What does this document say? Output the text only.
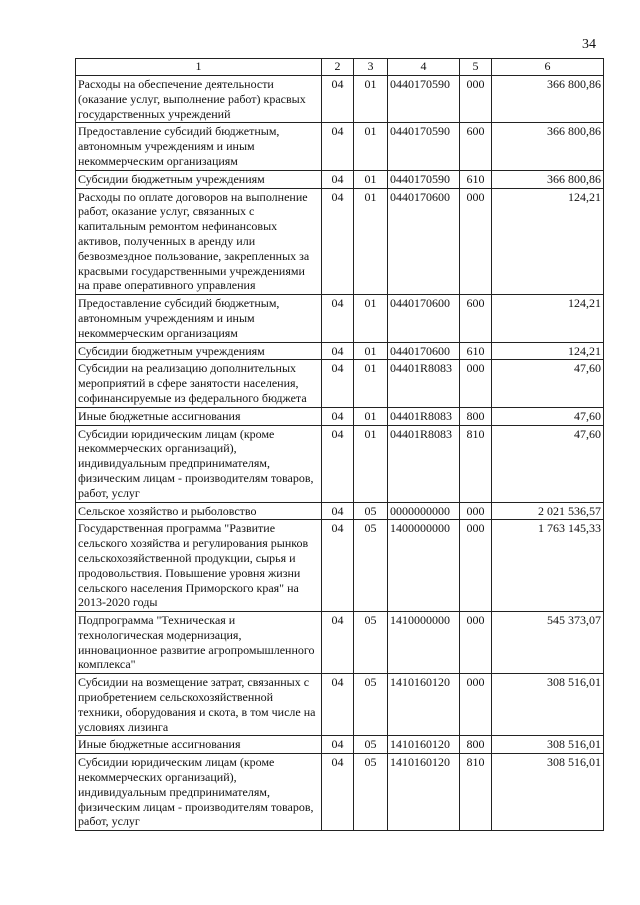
34
1	2	3	4	5	6
Расходы на обеспечение деятельности (оказание услуг, выполнение работ) красвых государственных учреждений	04	01	0440170590	000	366 800,86
Предоставление субсидий бюджетным, автономным учреждениям и иным некоммерческим организациям	04	01	0440170590	600	366 800,86
Субсидии бюджетным учреждениям	04	01	0440170590	610	366 800,86
Расходы по оплате договоров на выполнение работ, оказание услуг, связанных с капитальным ремонтом нефинансовых активов, полученных в аренду или безвозмездное пользование, закрепленных за красвыми государственными учреждениями на праве оперативного управления	04	01	0440170600	000	124,21
Предоставление субсидий бюджетным, автономным учреждениям и иным некоммерческим организациям	04	01	0440170600	600	124,21
Субсидии бюджетным учреждениям	04	01	0440170600	610	124,21
Субсидии на реализацию дополнительных мероприятий в сфере занятости населения, софинансируемые из федерального бюджета	04	01	04401R8083	000	47,60
Иные бюджетные ассигнования	04	01	04401R8083	800	47,60
Субсидии юридическим лицам (кроме некоммерческих организаций), индивидуальным предпринимателям, физическим лицам - производителям товаров, работ, услуг	04	01	04401R8083	810	47,60
Сельское хозяйство и рыболовство	04	05	0000000000	000	2 021 536,57
Государственная программа "Развитие сельского хозяйства и регулирования рынков сельскохозяйственной продукции, сырья и продовольствия. Повышение уровня жизни сельского населения Приморского края" на 2013-2020 годы	04	05	1400000000	000	1 763 145,33
Подпрограмма "Техническая и технологическая модернизация, инновационное развитие агропромышленного комплекса"	04	05	1410000000	000	545 373,07
Субсидии на возмещение затрат, связанных с приобретением сельскохозяйственной техники, оборудования и скота, в том числе на условиях лизинга	04	05	1410160120	000	308 516,01
Иные бюджетные ассигнования	04	05	1410160120	800	308 516,01
Субсидии юридическим лицам (кроме некоммерческих организаций), индивидуальным предпринимателям, физическим лицам - производителям товаров, работ, услуг	04	05	1410160120	810	308 516,01
